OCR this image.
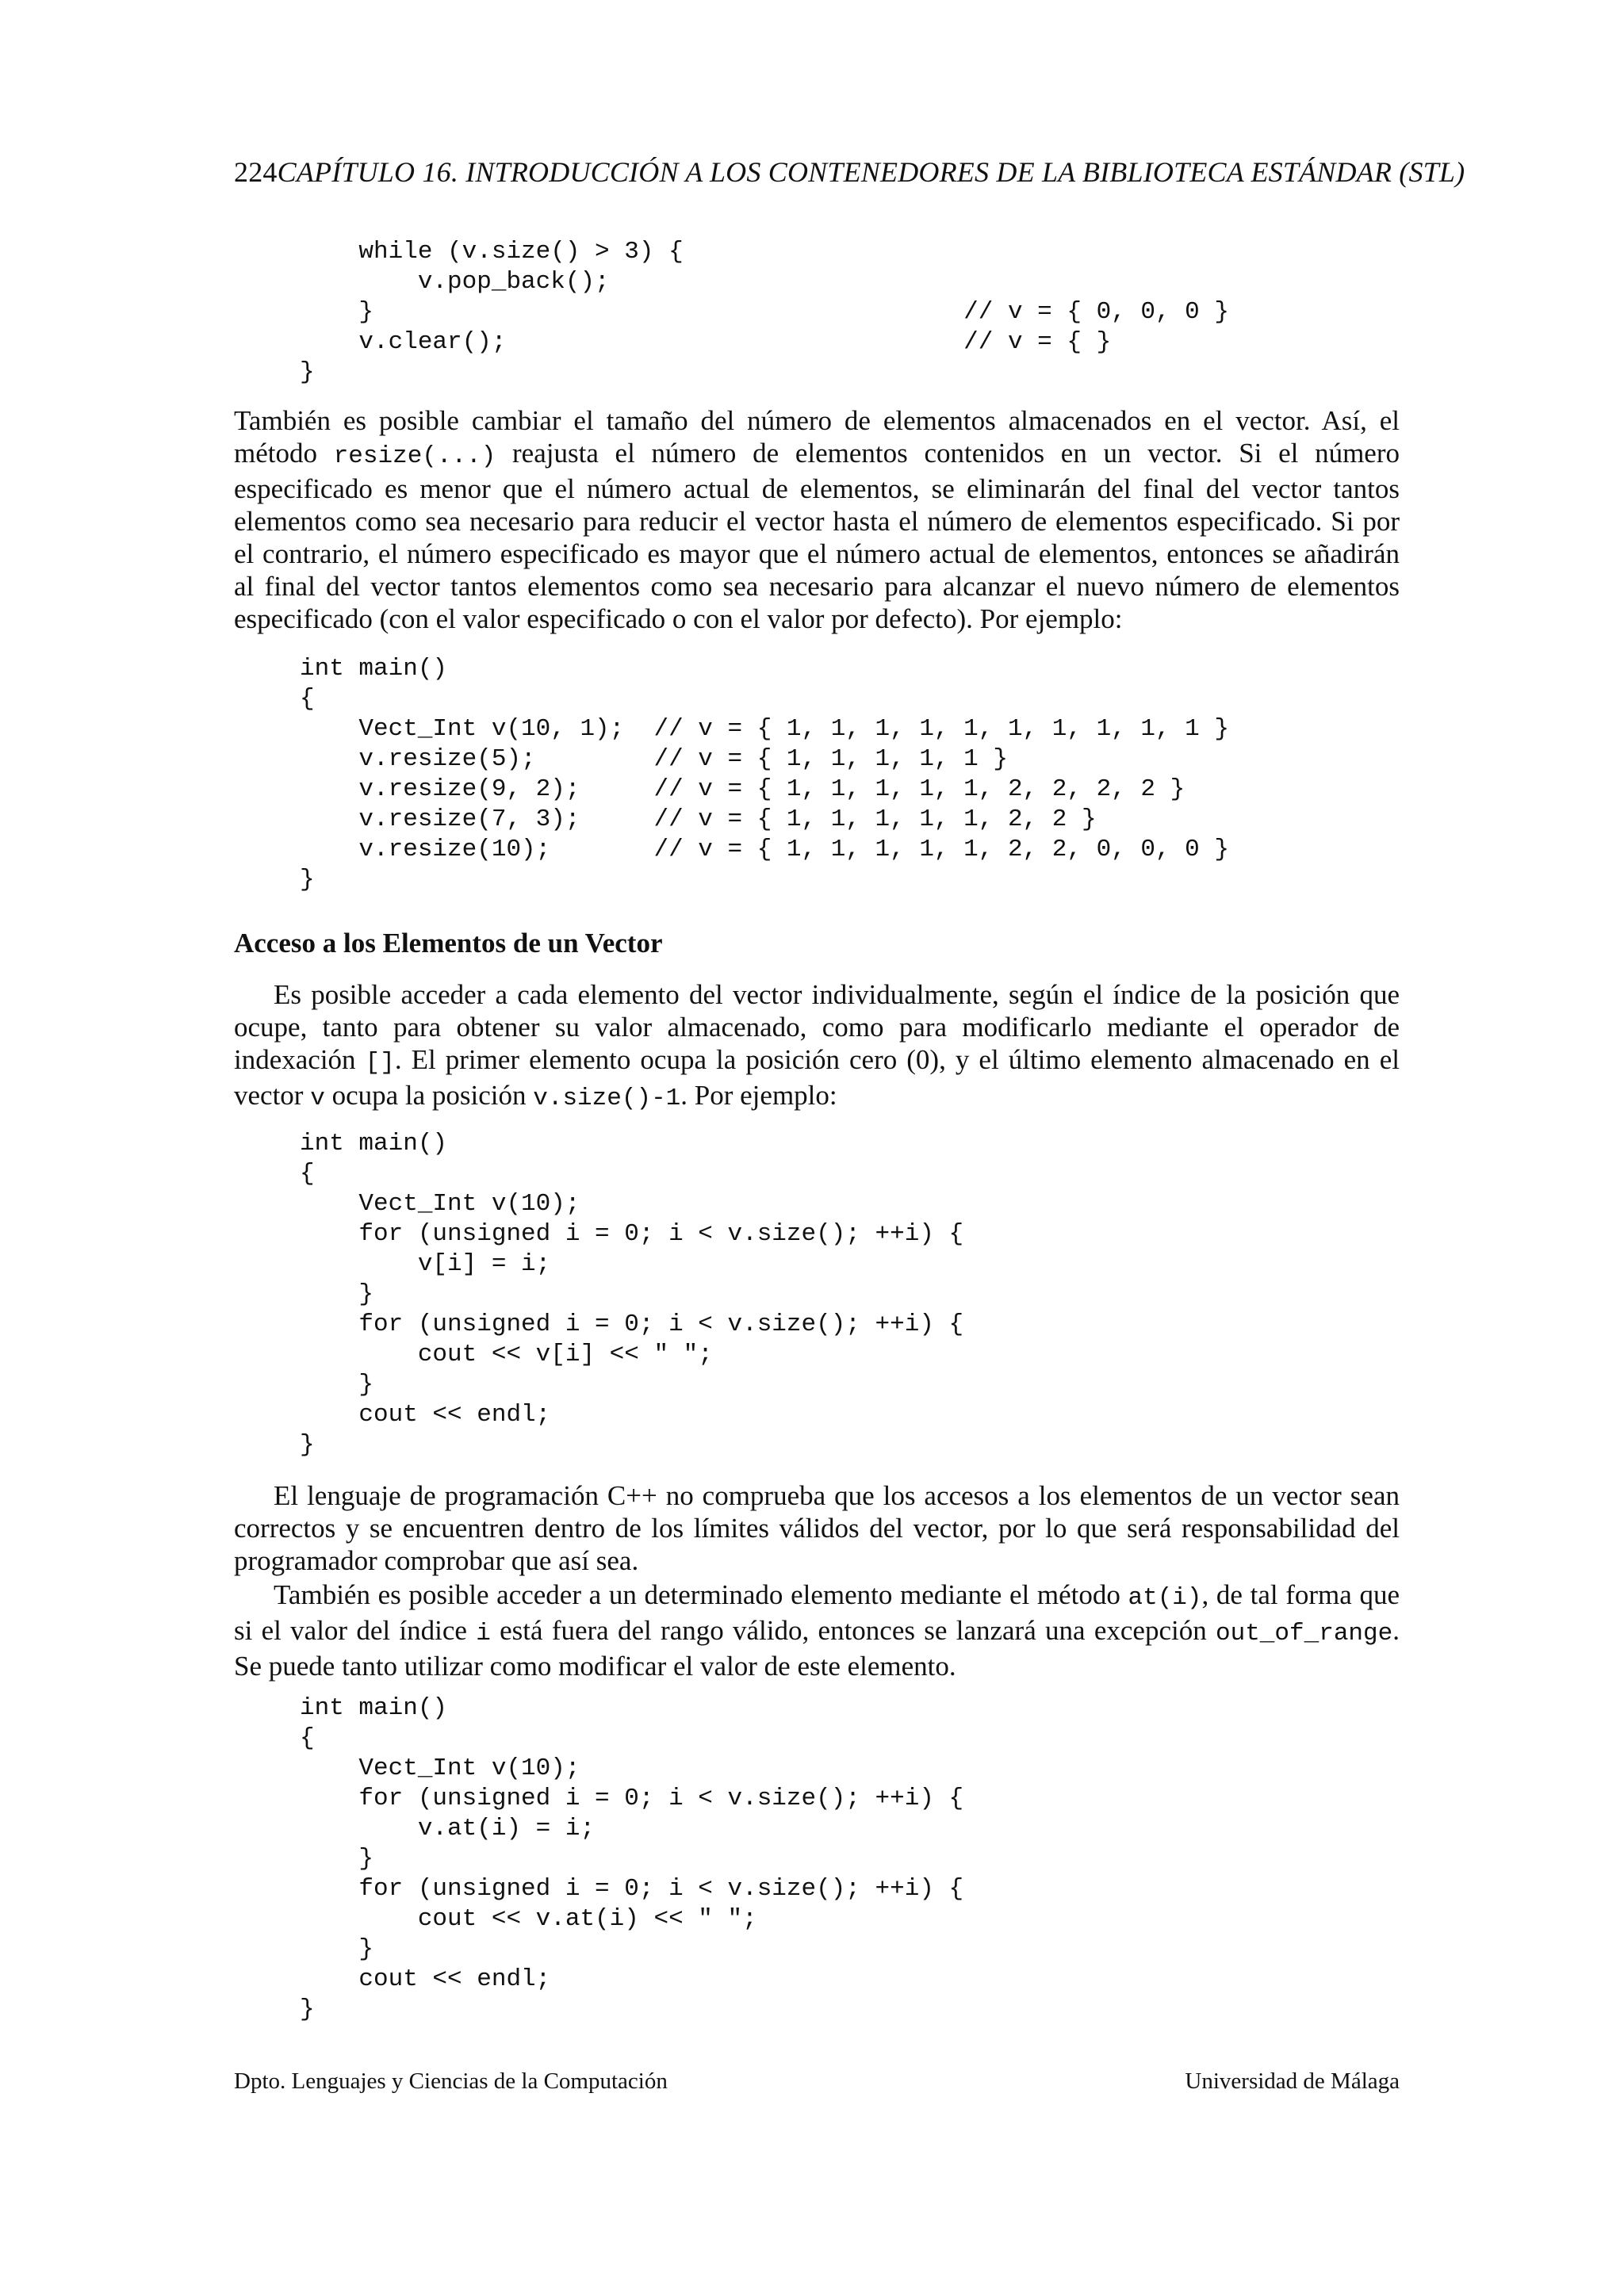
224CAPÍTULO 16. INTRODUCCIÓN A LOS CONTENEDORES DE LA BIBLIOTECA ESTÁNDAR (STL)
while (v.size() > 3) {
v.pop_back();
}                                        // v = { 0, 0, 0 }
v.clear();                               // v = { }
}

También es posible cambiar el tamaño del número de elementos almacenados en el vector. Así, el método resize(...) reajusta el número de elementos contenidos en un vector. Si el número especificado es menor que el número actual de elementos, se eliminarán del final del vector tantos elementos como sea necesario para reducir el vector hasta el número de elementos especificado. Si por el contrario, el número especificado es mayor que el número actual de elementos, entonces se añadirán al final del vector tantos elementos como sea necesario para alcanzar el nuevo número de elementos especificado (con el valor especificado o con el valor por defecto). Por ejemplo:

int main()
{
Vect_Int v(10, 1);  // v = { 1, 1, 1, 1, 1, 1, 1, 1, 1, 1 }
v.resize(5);        // v = { 1, 1, 1, 1, 1 }
v.resize(9, 2);     // v = { 1, 1, 1, 1, 1, 2, 2, 2, 2 }
v.resize(7, 3);     // v = { 1, 1, 1, 1, 1, 2, 2 }
v.resize(10);       // v = { 1, 1, 1, 1, 1, 2, 2, 0, 0, 0 }
}
Acceso a los Elementos de un Vector

Es posible acceder a cada elemento del vector individualmente, según el índice de la posición que ocupe, tanto para obtener su valor almacenado, como para modificarlo mediante el operador de indexación []. El primer elemento ocupa la posición cero (0), y el último elemento almacenado en el vector v ocupa la posición v.size()-1. Por ejemplo:

int main()
{
Vect_Int v(10);
for (unsigned i = 0; i < v.size(); ++i) {
v[i] = i;
}
for (unsigned i = 0; i < v.size(); ++i) {
cout << v[i] << " ";
}
cout << endl;
}

El lenguaje de programación C++ no comprueba que los accesos a los elementos de un vector sean correctos y se encuentren dentro de los límites válidos del vector, por lo que será responsabilidad del programador comprobar que así sea.

También es posible acceder a un determinado elemento mediante el método at(i), de tal forma que si el valor del índice i está fuera del rango válido, entonces se lanzará una excepción out_of_range. Se puede tanto utilizar como modificar el valor de este elemento.

int main()
{
Vect_Int v(10);
for (unsigned i = 0; i < v.size(); ++i) {
v.at(i) = i;
}
for (unsigned i = 0; i < v.size(); ++i) {
cout << v.at(i) << " ";
}
cout << endl;
}
Dpto. Lenguajes y Ciencias de la Computación	Universidad de Málaga
